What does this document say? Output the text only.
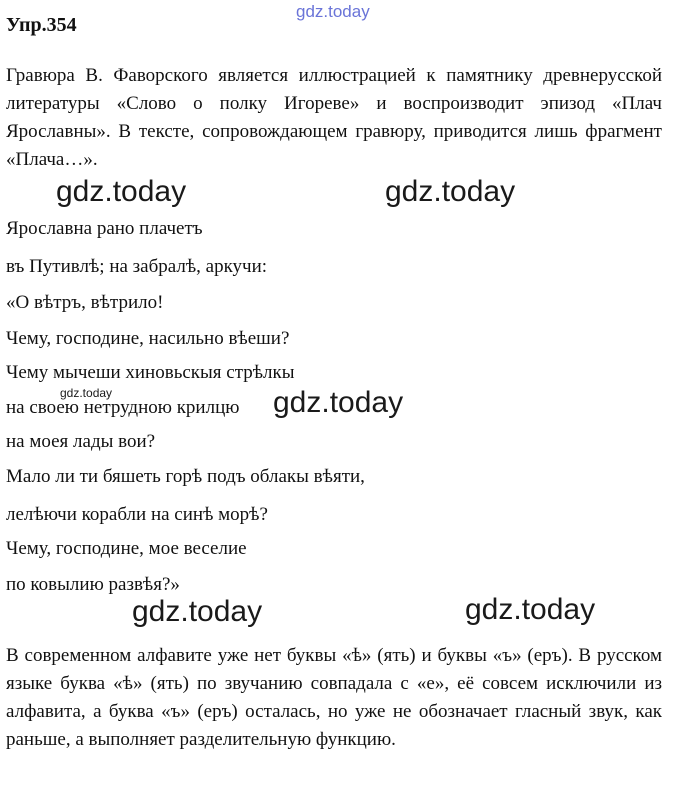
gdz.today
Упр.354
Гравюра В. Фаворского является иллюстрацией к памятнику древнерусской литературы «Слово о полку Игореве» и воспроизводит эпизод «Плач Ярославны». В тексте, сопровождающем гравюру, приводится лишь фрагмент «Плача…».
gdz.today	gdz.today
Ярославна рано плачетъ
въ Путивлѣ; на забралѣ, аркучи:
«О вѣтръ, вѣтрило!
Чему, господине, насильно вѣеши?
Чему мычеши хиновьскыя стрѣлкы
на своею нетрудною крилцю
на моея лады вои?
Мало ли ти бяшеть горѣ подъ облакы вѣяти,
лелѣючи корабли на синѣ морѣ?
Чему, господине, мое веселие
по ковылию развѣя?»
gdz.today	gdz.today
gdz.today	gdz.today
В современном алфавите уже нет буквы «ѣ» (ять) и буквы «ъ» (еръ). В русском языке буква «ѣ» (ять) по звучанию совпадала с «е», её совсем исключили из алфавита, а буква «ъ» (еръ) осталась, но уже не обозначает гласный звук, как раньше, а выполняет разделительную функцию.
